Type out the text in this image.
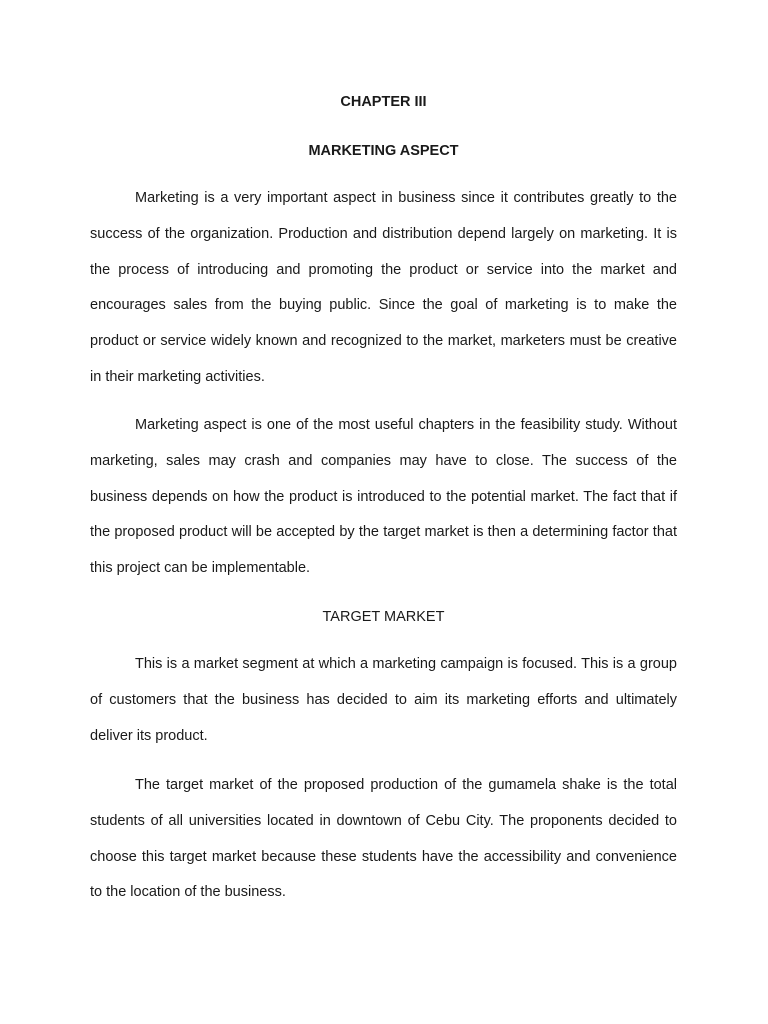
CHAPTER III
MARKETING ASPECT

Marketing is a very important aspect in business since it contributes greatly to the success of the organization. Production and distribution depend largely on marketing. It is the process of introducing and promoting the product or service into the market and encourages sales from the buying public. Since the goal of marketing is to make the product or service widely known and recognized to the market, marketers must be creative in their marketing activities.

Marketing aspect is one of the most useful chapters in the feasibility study. Without marketing, sales may crash and companies may have to close. The success of the business depends on how the product is introduced to the potential market. The fact that if the proposed product will be accepted by the target market is then a determining factor that this project can be implementable.

TARGET MARKET

This is a market segment at which a marketing campaign is focused. This is a group of customers that the business has decided to aim its marketing efforts and ultimately deliver its product.

The target market of the proposed production of the gumamela shake is the total students of all universities located in downtown of Cebu City. The proponents decided to choose this target market because these students have the accessibility and convenience to the location of the business.
